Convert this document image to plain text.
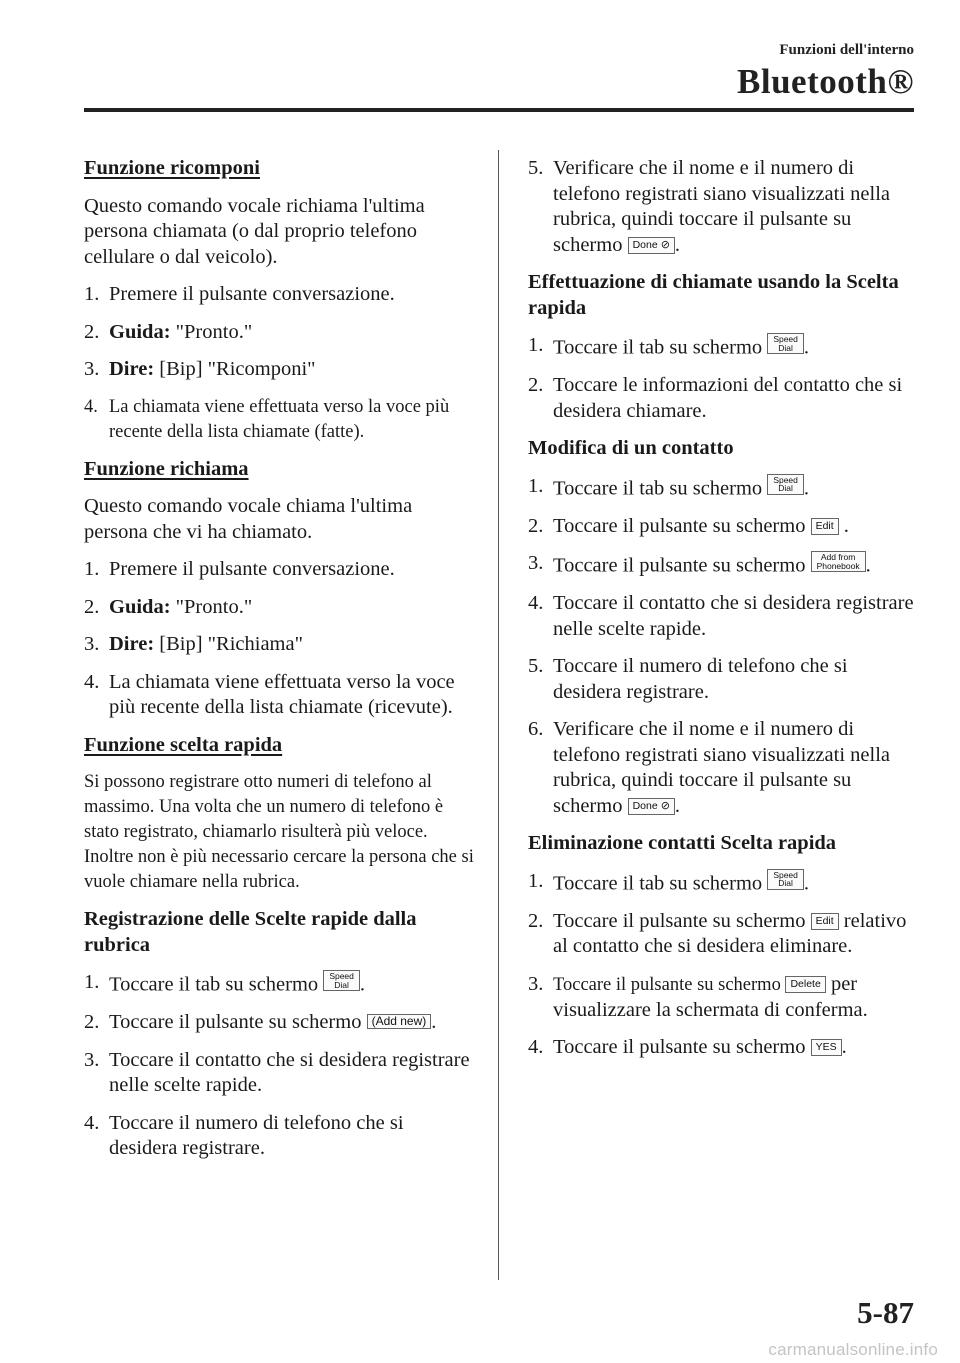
Funzioni dell'interno
Bluetooth®
Funzione ricomponi
Questo comando vocale richiama l'ultima persona chiamata (o dal proprio telefono cellulare o dal veicolo).
1. Premere il pulsante conversazione.
2. Guida: "Pronto."
3. Dire: [Bip] "Ricomponi"
4. La chiamata viene effettuata verso la voce più recente della lista chiamate (fatte).
Funzione richiama
Questo comando vocale chiama l'ultima persona che vi ha chiamato.
1. Premere il pulsante conversazione.
2. Guida: "Pronto."
3. Dire: [Bip] "Richiama"
4. La chiamata viene effettuata verso la voce più recente della lista chiamate (ricevute).
Funzione scelta rapida
Si possono registrare otto numeri di telefono al massimo. Una volta che un numero di telefono è stato registrato, chiamarlo risulterà più veloce. Inoltre non è più necessario cercare la persona che si vuole chiamare nella rubrica.
Registrazione delle Scelte rapide dalla rubrica
1. Toccare il tab su schermo Speed
Dial .
2. Toccare il pulsante su schermo (Add new) .
3. Toccare il contatto che si desidera registrare nelle scelte rapide.
4. Toccare il numero di telefono che si desidera registrare.
5. Verificare che il nome e il numero di telefono registrati siano visualizzati nella rubrica, quindi toccare il pulsante su schermo Done ⊘ .
Effettuazione di chiamate usando la Scelta rapida
1. Toccare il tab su schermo Speed
Dial .
2. Toccare le informazioni del contatto che si desidera chiamare.
Modifica di un contatto
1. Toccare il tab su schermo Speed
Dial .
2. Toccare il pulsante su schermo Edit .
3. Toccare il pulsante su schermo Add from
Phonebook .
4. Toccare il contatto che si desidera registrare nelle scelte rapide.
5. Toccare il numero di telefono che si desidera registrare.
6. Verificare che il nome e il numero di telefono registrati siano visualizzati nella rubrica, quindi toccare il pulsante su schermo Done ⊘ .
Eliminazione contatti Scelta rapida
1. Toccare il tab su schermo Speed
Dial .
2. Toccare il pulsante su schermo Edit relativo al contatto che si desidera eliminare.
3. Toccare il pulsante su schermo Delete per visualizzare la schermata di conferma.
4. Toccare il pulsante su schermo YES .
5-87
carmanualsonline.info
